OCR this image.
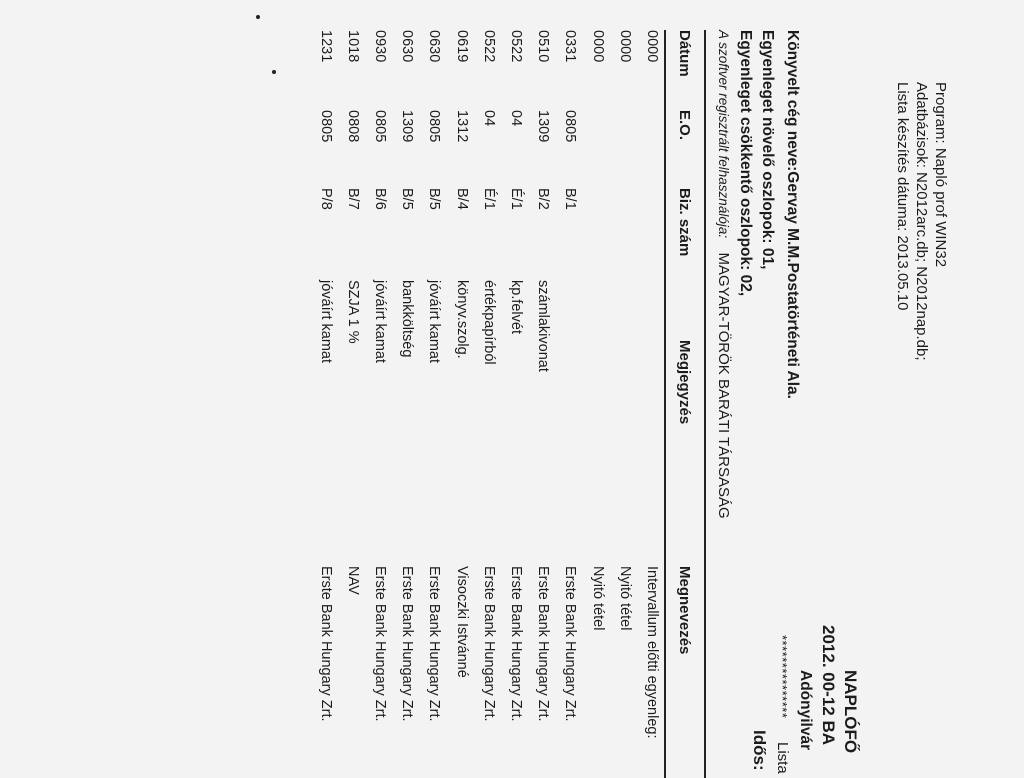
Program: Napló prof WIN32
Adatbázisok: N2012arc.db; N2012nap.db;
Lista készítés dátuma: 2013.05.10
NAPLÓFŐ
2012. 00-12 BA
Adónyilvár
Könyvelt cég neve:Gervay M.M.Postatörténeti Ala.
Egyenleget növelő oszlopok: 01,
Egyenleget csökkentő oszlopok: 02,
A szoftver regisztrált felhasználója: MAGYAR-TÖRÖK BARÁTI TÁRSASÁG
Dátum
E.O.
Biz. szám
Megjegyzés
Megnevezés
0000
Intervallum előtti egyenleg:
0000
Nyitó tétel
0000
Nyitó tétel
0331
0805
B/1
Erste Bank Hungary Zrt.
0510
1309
B/2
számlakivonat
Erste Bank Hungary Zrt.
0522
04
É/1
kp.felvét
Erste Bank Hungary Zrt.
0522
04
É/1
értékpapírból
Erste Bank Hungary Zrt.
0619
1312
B/4
könyv.szolg.
Visoczki Istvánné
0630
0805
B/5
jóváírt kamat
Erste Bank Hungary Zrt.
0630
1309
B/5
bankköltség
Erste Bank Hungary Zrt.
0930
0805
B/6
jóváírt kamat
Erste Bank Hungary Zrt.
1018
0808
B/7
SZJA 1 %
NAV
1231
0805
P/8
jóváírt kamat
Erste Bank Hungary Zrt.	***************
Lista
Idős:
